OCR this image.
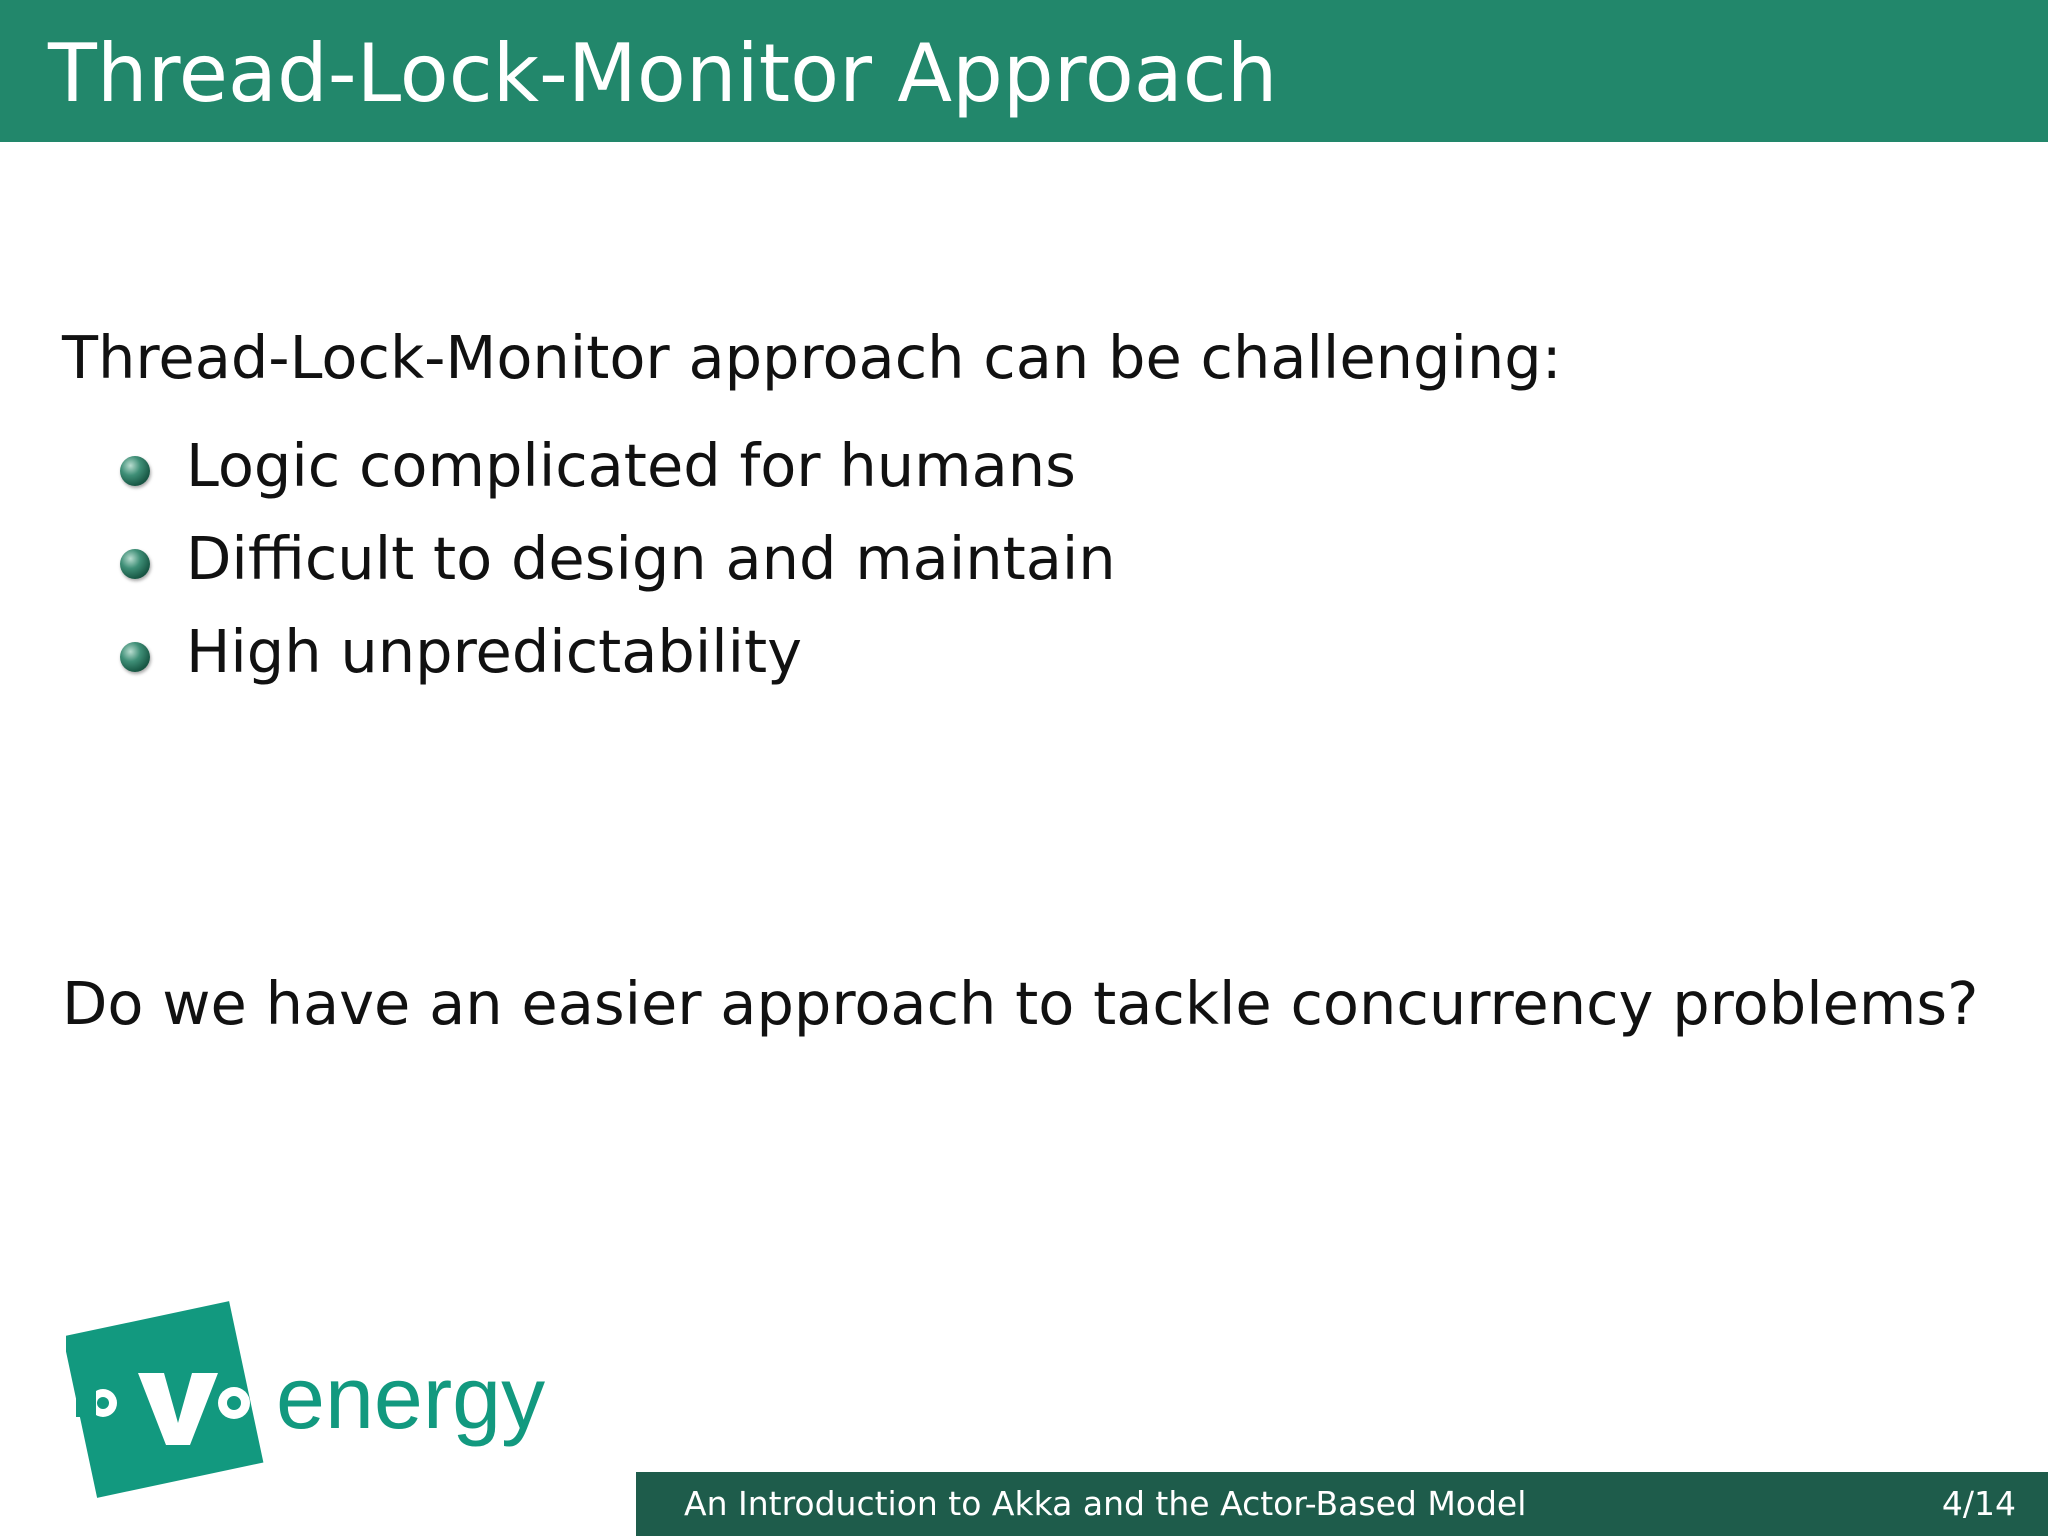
Thread-Lock-Monitor Approach
Thread-Lock-Monitor approach can be challenging:
Logic complicated for humans
Difficult to design and maintain
High unpredictability
Do we have an easier approach to tackle concurrency problems?
energy
An Introduction to Akka and the Actor-Based Model	4/14
